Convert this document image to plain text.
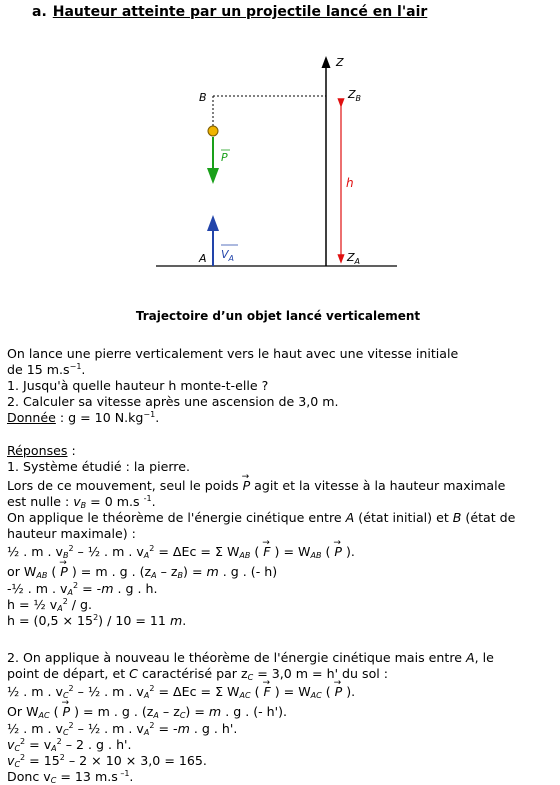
a. Hauteur atteinte par un projectile lancé en l'air
B
A
Z
$Z_B$
$Z_A$
h
P
$V_A$
Trajectoire d’un objet lancé verticalement
On lance une pierre verticalement vers le haut avec une vitesse initiale
de 15 $m.s^{-1}$.
1. Jusqu'à quelle hauteur h monte-t-elle ?
2. Calculer sa vitesse après une ascension de 3,0 m.
Donnée : g = 10 $N.kg^{-1}$.
Réponses :
1. Système étudié : la pierre.
Lors de ce mouvement, seul le poids → P agit et la vitesse à la hauteur maximale
est nulle : $v_B = 0$ m.s $^{-1}$.
On applique le théorème de l'énergie cinétique entre A (état initial) et B (état de
hauteur maximale) :
½ . m . $v_B^2$ – ½ . m . $v_A^2 = \Delta Ec = \Sigma$ $W_{AB}$ ( → F ) = $W_{AB}$ ( → P ).
or $W_{AB}$ ( → P ) = m . g . $(z_A - z_B) = m$ . g . (- h)
-½ . m . $v_A^2 = -m$ . g . h.
h = ½ $v_A^2$ / g.
$h = (0,5 \times 15^2) / 10 = 11$ m.
2. On applique à nouveau le théorème de l'énergie cinétique mais entre A, le
point de départ, et C caractérisé par $z_C = 3,0$ m = h' du sol :
½ . m . $v_C^2$ – ½ . m . $v_A^2 = \Delta Ec = \Sigma$ $W_{AC}$ ( → F ) = $W_{AC}$ ( → P ).
Or $W_{AC}$ ( → P ) = m . g . $(z_A - z_C) = m$ . g . (- h').
½ . m . $v_C^2$ – ½ . m . $v_A^2 = -m$ . g . h'.
$v_C^2 = v_A^2 - 2$ . g . h'.
$v_C^2 = 15^2 - 2 \times 10 \times 3,0 = 165$.
Donc $v_C = 13$ m.s $^{-1}$.
